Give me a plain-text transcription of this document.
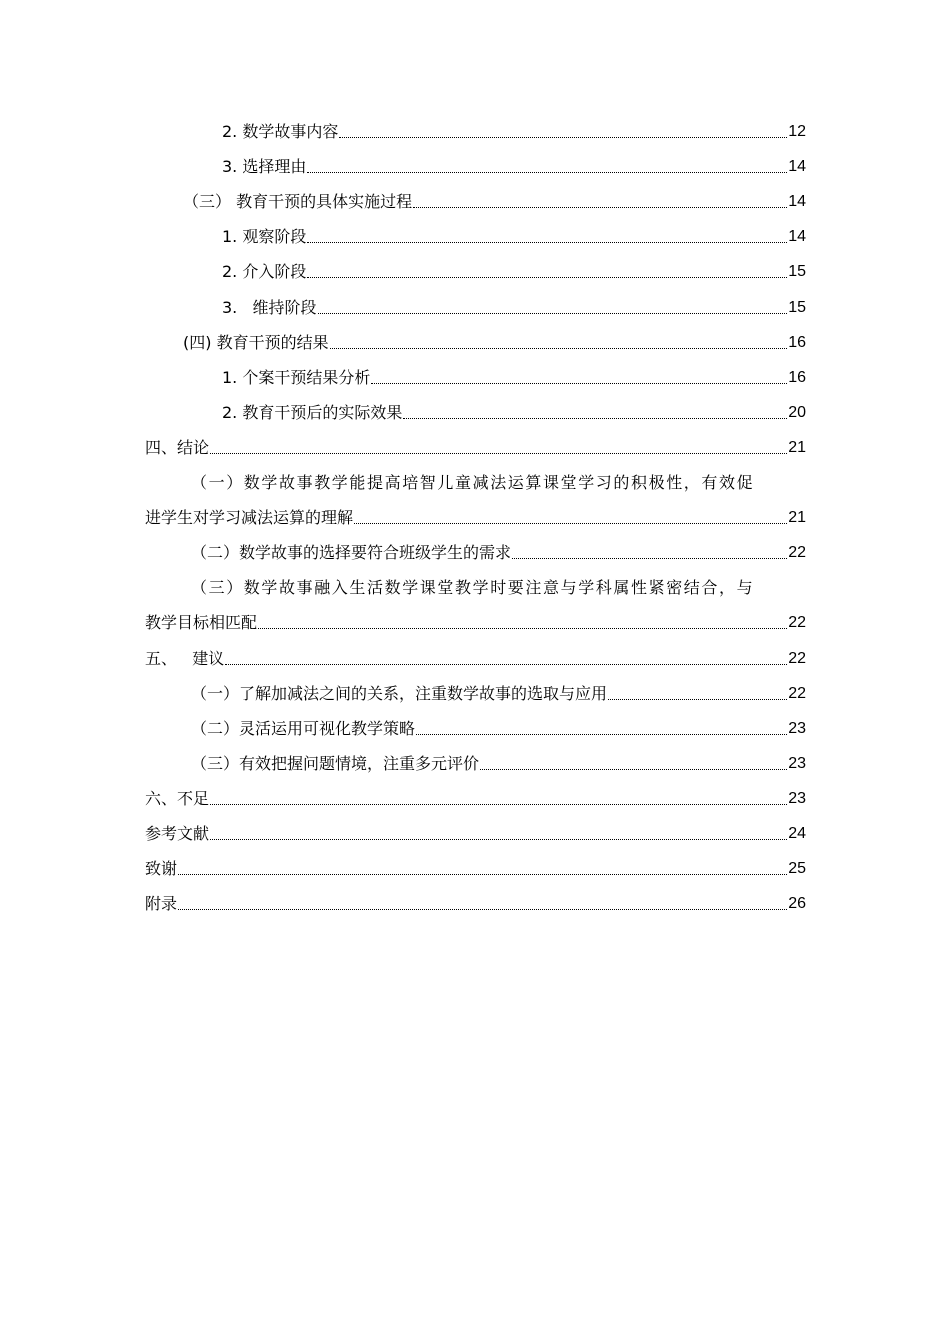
2. 数学故事内容	12
3. 选择理由	14
（三） 教育干预的具体实施过程	14
1. 观察阶段	14
2. 介入阶段	15
3.   维持阶段	15
(四) 教育干预的结果	16
1. 个案干预结果分析	16
2. 教育干预后的实际效果	20
四、结论	21
（一）数学故事教学能提高培智儿童减法运算课堂学习的积极性，有效促
进学生对学习减法运算的理解	21
（二）数学故事的选择要符合班级学生的需求	22
（三）数学故事融入生活数学课堂教学时要注意与学科属性紧密结合，与
教学目标相匹配	22
五、   建议	22
（一）了解加减法之间的关系，注重数学故事的选取与应用	22
（二）灵活运用可视化教学策略	23
（三）有效把握问题情境，注重多元评价	23
六、不足	23
参考文献	24
致谢	25
附录	26
